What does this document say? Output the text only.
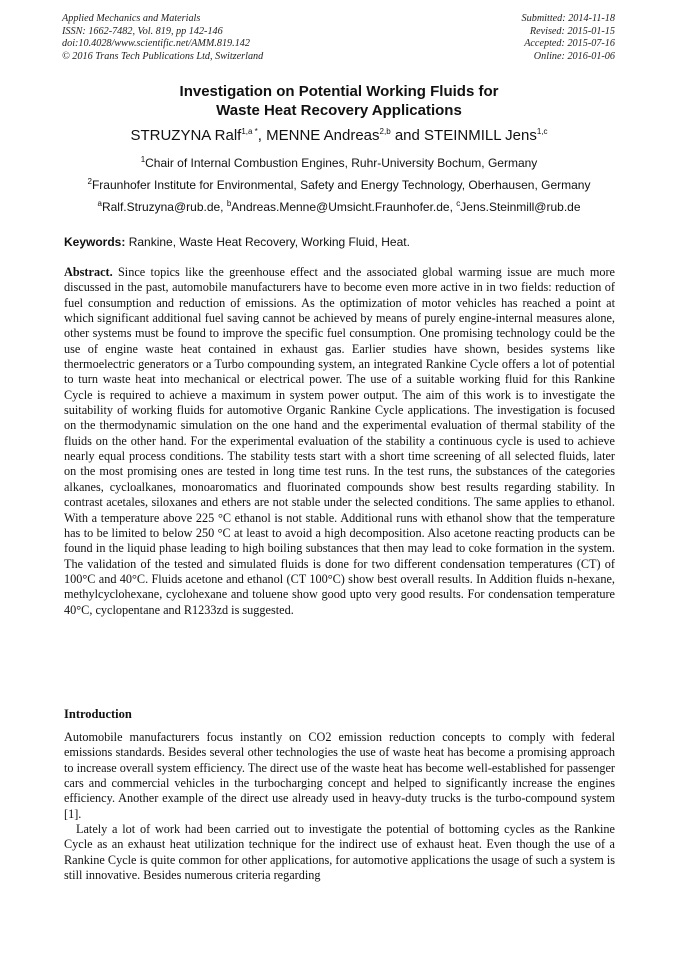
Applied Mechanics and Materials
ISSN: 1662-7482, Vol. 819, pp 142-146
doi:10.4028/www.scientific.net/AMM.819.142
© 2016 Trans Tech Publications Ltd, Switzerland
Submitted: 2014-11-18
Revised: 2015-01-15
Accepted: 2015-07-16
Online: 2016-01-06
Investigation on Potential Working Fluids for
Waste Heat Recovery Applications
STRUZYNA Ralf$^{1,a *}$, MENNE Andreas$^{2,b}$ and STEINMILL Jens$^{1,c}$
$^1$Chair of Internal Combustion Engines, Ruhr-University Bochum, Germany
$^2$Fraunhofer Institute for Environmental, Safety and Energy Technology, Oberhausen, Germany
$^a$Ralf.Struzyna@rub.de, $^b$Andreas.Menne@Umsicht.Fraunhofer.de, $^c$Jens.Steinmill@rub.de
Keywords: Rankine, Waste Heat Recovery, Working Fluid, Heat.
Abstract. Since topics like the greenhouse effect and the associated global warming issue are much more discussed in the past, automobile manufacturers have to become even more active in in two fields: reduction of fuel consumption and reduction of emissions. As the optimization of motor vehicles has reached a point at which significant additional fuel saving cannot be achieved by means of purely engine-internal measures alone, other systems must be found to improve the specific fuel consumption. One promising technology could be the use of engine waste heat contained in exhaust gas. Earlier studies have shown, besides systems like thermoelectric generators or a Turbo compounding system, an integrated Rankine Cycle offers a lot of potential to turn waste heat into mechanical or electrical power. The use of a suitable working fluid for this Rankine Cycle is required to achieve a maximum in system power output. The aim of this work is to investigate the suitability of working fluids for automotive Organic Rankine Cycle applications. The investigation is focused on the thermodynamic simulation on the one hand and the experimental evaluation of thermal stability of the fluids on the other hand. For the experimental evaluation of the stability a continuous cycle is used to achieve nearly equal process conditions. The stability tests start with a short time screening of all selected fluids, later on the most promising ones are tested in long time test runs. In the test runs, the substances of the categories alkanes, cycloalkanes, monoaromatics and fluorinated compounds show best results regarding stability. In contrast acetales, siloxanes and ethers are not stable under the selected conditions. The same applies to ethanol. With a temperature above 225 °C ethanol is not stable. Additional runs with ethanol show that the temperature has to be limited to below 250 °C at least to avoid a high decomposition. Also acetone reacting products can be found in the liquid phase leading to high boiling substances that then may lead to coke formation in the system. The validation of the tested and simulated fluids is done for two different condensation temperatures (CT) of 100°C and 40°C. Fluids acetone and ethanol (CT 100°C) show best overall results. In Addition fluids n-hexane, methylcyclohexane, cyclohexane and toluene show good upto very good results. For condensation temperature 40°C, cyclopentane and R1233zd is suggested.
Introduction

Automobile manufacturers focus instantly on CO2 emission reduction concepts to comply with federal emissions standards. Besides several other technologies the use of waste heat has become a promising approach to increase overall system efficiency. The direct use of the waste heat has become well-established for passenger cars and commercial vehicles in the turbocharging concept and helped to significantly increase the engines efficiency. Another example of the direct use already used in heavy-duty trucks is the turbo-compound system [1].

Lately a lot of work had been carried out to investigate the potential of bottoming cycles as the Rankine Cycle as an exhaust heat utilization technique for the indirect use of exhaust heat. Even though the use of a Rankine Cycle is quite common for other applications, for automotive applications the usage of such a system is still innovative. Besides numerous criteria regarding
